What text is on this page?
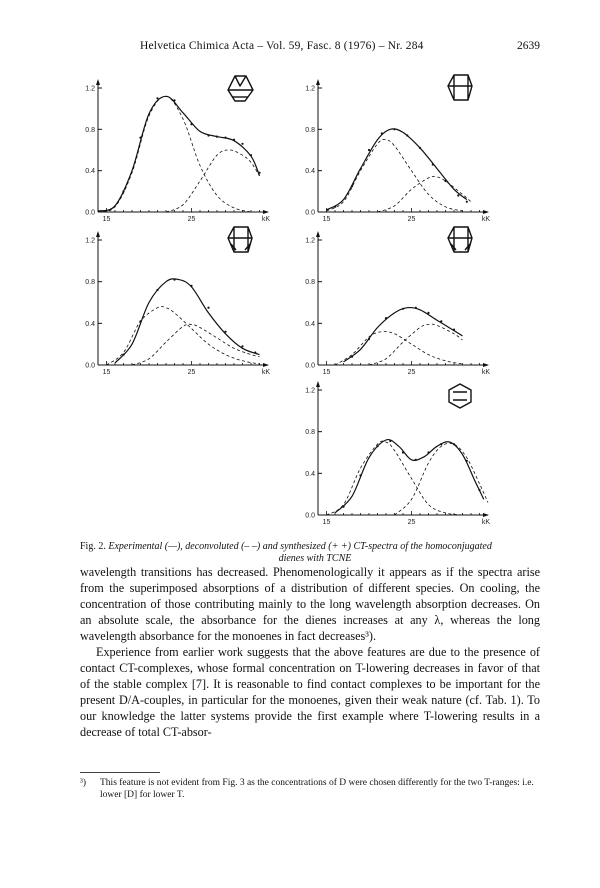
Helvetica Chimica Acta – Vol. 59, Fasc. 8 (1976) – Nr. 284	2639
0.0
0.4
0.8
1.2
15	25	kK
0.0
0.4
0.8
1.2
15	25	kK
0.0
0.4
0.8
1.2
15	25	kK
0.0
0.4
0.8
1.2
15	25	kK
0.0
0.4
0.8
1.2
15	25	kK
Fig. 2. Experimental (—), deconvoluted (– –) and synthesized (+ +) CT-spectra of the homoconjugated
dienes with TCNE

wavelength transitions has decreased. Phenomenologically it appears as if the spectra arise from the superimposed absorptions of a distribution of different species. On cooling, the concentration of those contributing mainly to the long wavelength absorption decreases. On an absolute scale, the absorbance for the dienes increases at any λ, whereas the long wavelength absorbance for the monoenes in fact decreases³).

Experience from earlier work suggests that the above features are due to the presence of contact CT-complexes, whose formal concentration on T-lowering decreases in favor of that of the stable complex [7]. It is reasonable to find contact complexes to be important for the present D/A-couples, in particular for the monoenes, given their weak nature (cf. Tab. 1). To our knowledge the latter systems provide the first example where T-lowering results in a decrease of total CT-absor-

³)	This feature is not evident from Fig. 3 as the concentrations of D were chosen differently for the two T-ranges: i.e. lower [D] for lower T.
